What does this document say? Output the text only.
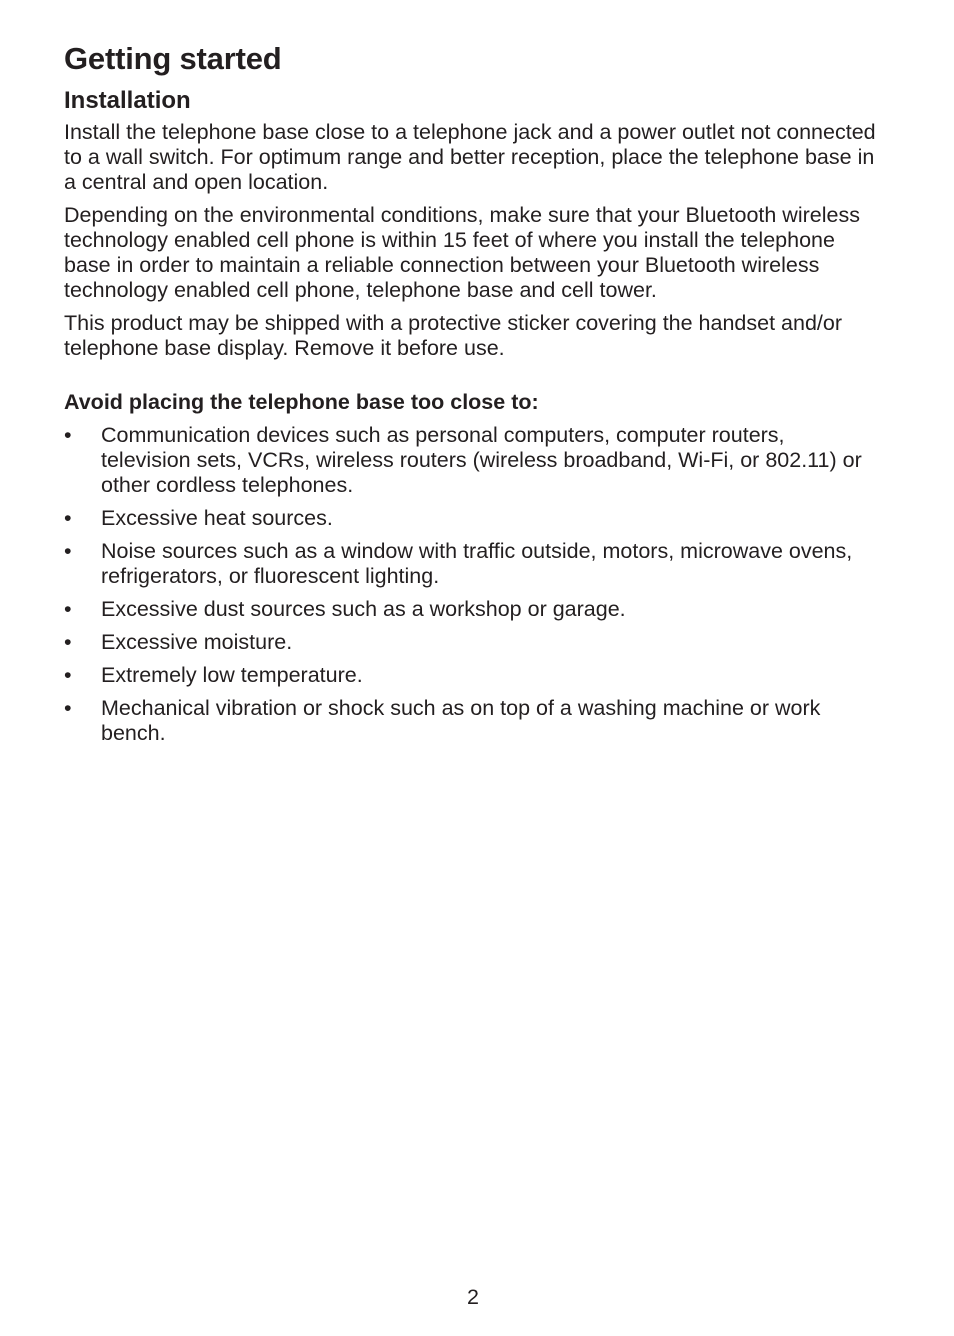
Getting started
Installation

Install the telephone base close to a telephone jack and a power outlet not connected to a wall switch. For optimum range and better reception, place the telephone base in a central and open location.

Depending on the environmental conditions, make sure that your Bluetooth wireless technology enabled cell phone is within 15 feet of where you install the telephone base in order to maintain a reliable connection between your Bluetooth wireless technology enabled cell phone, telephone base and cell tower.

This product may be shipped with a protective sticker covering the handset and/or telephone base display. Remove it before use.

Avoid placing the telephone base too close to:
•	Communication devices such as personal computers, computer routers, television sets, VCRs, wireless routers (wireless broadband, Wi-Fi, or 802.11) or other cordless telephones.
•	Excessive heat sources.
•	Noise sources such as a window with traffic outside, motors, microwave ovens, refrigerators, or fluorescent lighting.
•	Excessive dust sources such as a workshop or garage.
•	Excessive moisture.
•	Extremely low temperature.
•	Mechanical vibration or shock such as on top of a washing machine or work bench.
2
